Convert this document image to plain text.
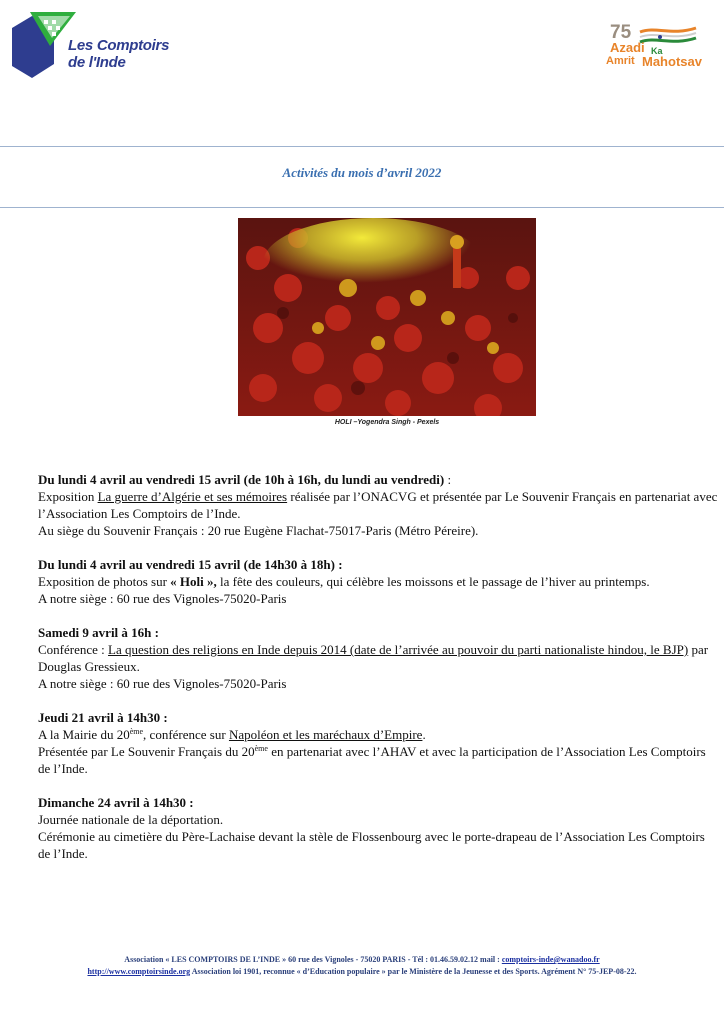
Les Comptoirs
de l'Inde
75
Azadi Ka
Amrit Mahotsav
Activités du mois d’avril 2022
HOLI –Yogendra Singh - Pexels
Du lundi 4 avril au vendredi 15 avril (de 10h à 16h, du lundi au vendredi) :

Exposition La guerre d’Algérie et ses mémoires réalisée par l’ONACVG et présentée par Le Souvenir Français en partenariat avec l’Association Les Comptoirs de l’Inde.

Au siège du Souvenir Français : 20 rue Eugène Flachat-75017-Paris (Métro Péreire).

Du lundi 4 avril au vendredi 15 avril (de 14h30 à 18h) :

Exposition de photos sur « Holi », la fête des couleurs, qui célèbre les moissons et le passage de l’hiver au printemps.

A notre siège : 60 rue des Vignoles-75020-Paris

Samedi 9 avril à 16h :

Conférence : La question des religions en Inde depuis 2014 (date de l’arrivée au pouvoir du parti nationaliste hindou, le BJP) par Douglas Gressieux.

A notre siège : 60 rue des Vignoles-75020-Paris

Jeudi 21 avril à 14h30 :

A la Mairie du 20ème, conférence sur Napoléon et les maréchaux d’Empire.

Présentée par Le Souvenir Français du 20ème en partenariat avec l’AHAV et avec la participation de l’Association Les Comptoirs de l’Inde.

Dimanche 24 avril à 14h30 :

Journée nationale de la déportation.

Cérémonie au cimetière du Père-Lachaise devant la stèle de Flossenbourg avec le porte-drapeau de l’Association Les Comptoirs de l’Inde.

Association « LES COMPTOIRS DE L’INDE » 60 rue des Vignoles - 75020 PARIS - Tél : 01.46.59.02.12 mail : comptoirs-inde@wanadoo.fr
http://www.comptoirsinde.org Association loi 1901, reconnue « d’Education populaire » par le Ministère de la Jeunesse et des Sports. Agrément N° 75-JEP-08-22.
